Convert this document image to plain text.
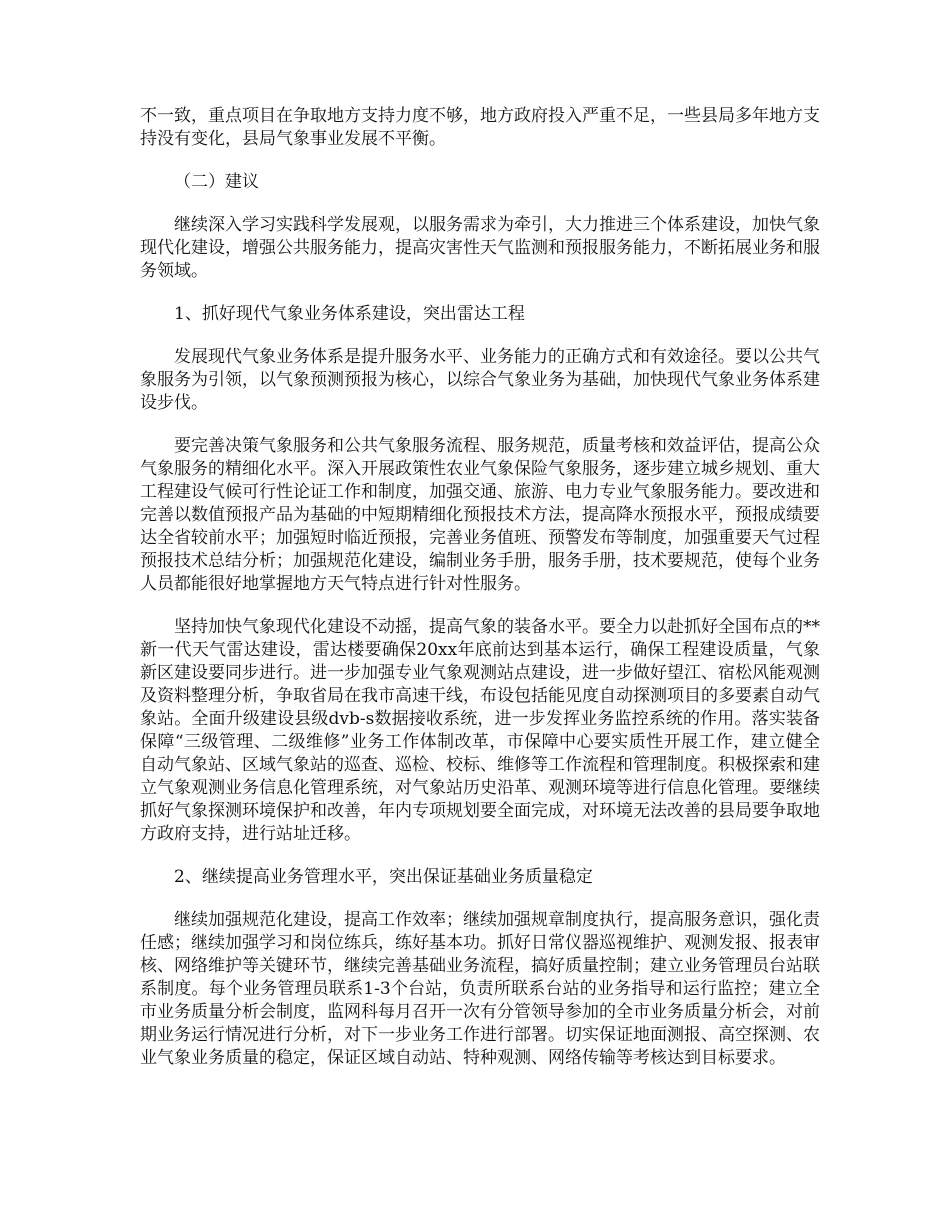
不一致，重点项目在争取地方支持力度不够，地方政府投入严重不足，一些县局多年地方支持没有变化，县局气象事业发展不平衡。

（二）建议

继续深入学习实践科学发展观，以服务需求为牵引，大力推进三个体系建设，加快气象现代化建设，增强公共服务能力，提高灾害性天气监测和预报服务能力，不断拓展业务和服务领域。

1、抓好现代气象业务体系建设，突出雷达工程

发展现代气象业务体系是提升服务水平、业务能力的正确方式和有效途径。要以公共气象服务为引领，以气象预测预报为核心，以综合气象业务为基础，加快现代气象业务体系建设步伐。

要完善决策气象服务和公共气象服务流程、服务规范，质量考核和效益评估，提高公众气象服务的精细化水平。深入开展政策性农业气象保险气象服务，逐步建立城乡规划、重大工程建设气候可行性论证工作和制度，加强交通、旅游、电力专业气象服务能力。要改进和完善以数值预报产品为基础的中短期精细化预报技术方法，提高降水预报水平，预报成绩要达全省较前水平；加强短时临近预报，完善业务值班、预警发布等制度，加强重要天气过程预报技术总结分析；加强规范化建设，编制业务手册，服务手册，技术要规范，使每个业务人员都能很好地掌握地方天气特点进行针对性服务。

坚持加快气象现代化建设不动摇，提高气象的装备水平。要全力以赴抓好全国布点的**新一代天气雷达建设，雷达楼要确保20xx年底前达到基本运行，确保工程建设质量，气象新区建设要同步进行。进一步加强专业气象观测站点建设，进一步做好望江、宿松风能观测及资料整理分析，争取省局在我市高速干线，布设包括能见度自动探测项目的多要素自动气象站。全面升级建设县级dvb-s数据接收系统，进一步发挥业务监控系统的作用。落实装备保障“三级管理、二级维修”业务工作体制改革，市保障中心要实质性开展工作，建立健全自动气象站、区域气象站的巡查、巡检、校标、维修等工作流程和管理制度。积极探索和建立气象观测业务信息化管理系统，对气象站历史沿革、观测环境等进行信息化管理。要继续抓好气象探测环境保护和改善，年内专项规划要全面完成，对环境无法改善的县局要争取地方政府支持，进行站址迁移。

2、继续提高业务管理水平，突出保证基础业务质量稳定

继续加强规范化建设，提高工作效率；继续加强规章制度执行，提高服务意识，强化责任感；继续加强学习和岗位练兵，练好基本功。抓好日常仪器巡视维护、观测发报、报表审核、网络维护等关键环节，继续完善基础业务流程，搞好质量控制；建立业务管理员台站联系制度。每个业务管理员联系1-3个台站，负责所联系台站的业务指导和运行监控；建立全市业务质量分析会制度，监网科每月召开一次有分管领导参加的全市业务质量分析会，对前期业务运行情况进行分析，对下一步业务工作进行部署。切实保证地面测报、高空探测、农业气象业务质量的稳定，保证区域自动站、特种观测、网络传输等考核达到目标要求。
